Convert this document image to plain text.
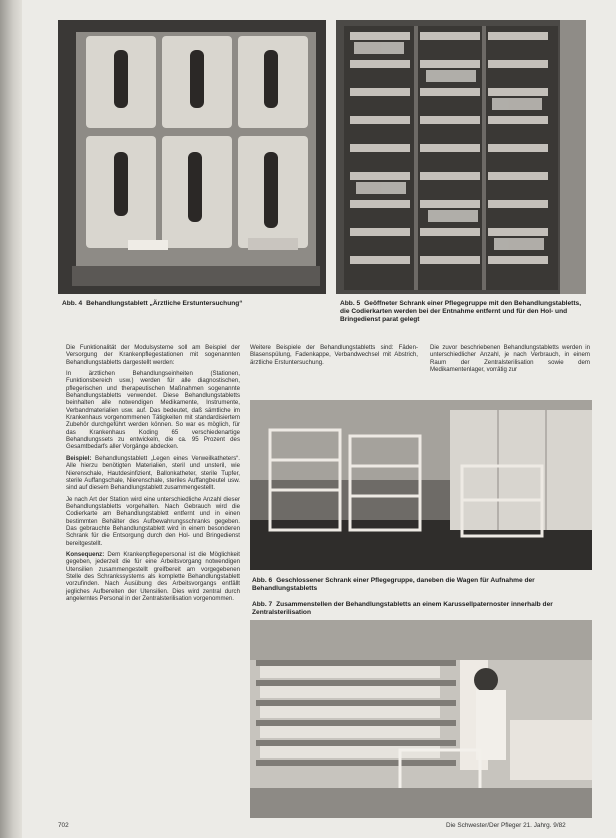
Abb. 4 Behandlungstablett „Ärztliche Erstuntersuchung“	Abb. 5 Geöffneter Schrank einer Pflegegruppe mit den Behandlungstabletts, die Codierkarten werden bei der Entnahme entfernt und für den Hol- und Bringedienst parat gelegt

Die Funktionalität der Modulsysteme soll am Beispiel der Versorgung der Krankenpflegestationen mit sogenannten Behandlungstabletts dargestellt werden:

In ärztlichen Behandlungseinheiten (Stationen, Funktionsbereich usw.) werden für alle diagnostischen, pflegerischen und therapeutischen Maßnahmen sogenannte Behandlungstabletts verwendet. Diese Behandlungstabletts beinhalten alle notwendigen Medikamente, Instrumente, Verbandmaterialien usw. auf. Das bedeutet, daß sämtliche im Krankenhaus vorgenommenen Tätigkeiten mit standardisiertem Zubehör durchgeführt werden können. So war es möglich, für das Krankenhaus Koding 65 verschiedenartige Behandlungssets zu entwickeln, die ca. 95 Prozent des Gesamtbedarfs aller Vorgänge abdecken.

Beispiel: Behandlungstablett „Legen eines Verweilkatheters“. Alle hierzu benötigten Materialien, steril und unsteril, wie Nierenschale, Hautdesinfizient, Ballonkatheter, sterile Tupfer, sterile Auffangschale, Nierenschale, steriles Auffangbeutel usw. sind auf diesem Behandlungstablett zusammengestellt.

Je nach Art der Station wird eine unterschiedliche Anzahl dieser Behandlungstabletts vorgehalten. Nach Gebrauch wird die Codierkarte am Behandlungstablett entfernt und in einen bestimmten Behälter des Aufbewahrungsschranks gegeben. Das gebrauchte Behandlungstablett wird in einem besonderen Schrank für die Entsorgung durch den Hol- und Bringedienst bereitgestellt.

Konsequenz: Dem Krankenpflegepersonal ist die Möglichkeit gegeben, jederzeit die für eine Arbeitsvorgang notwendigen Utensilien zusammengestellt greifbereit am vorgegebenen Stelle des Schrankssystems als komplette Behandlungstablett vorzufinden. Nach Ausübung des Arbeitsvorgangs entfällt jegliches Aufbereiten der Utensilien. Dies wird zentral durch angelerntes Personal in der Zentralsterilisation vorgenommen.

Weitere Beispiele der Behandlungstabletts sind: Fäden-Blasenspülung, Fadenkappe, Verbandwechsel mit Abstrich, ärztliche Erstuntersuchung.

Die zuvor beschriebenen Behandlungstabletts werden in unterschiedlicher Anzahl, je nach Verbrauch, in einem Raum der Zentralsterilisation sowie dem Medikamentenlager, vorrätig zur

Abb. 6 Geschlossener Schrank einer Pflegegruppe, daneben die Wagen für Aufnahme der Behandlungstabletts
Abb. 7 Zusammenstellen der Behandlungstabletts an einem Karussellpaternoster innerhalb der Zentralsterilisation
702	Die Schwester/Der Pfleger 21. Jahrg. 9/82
